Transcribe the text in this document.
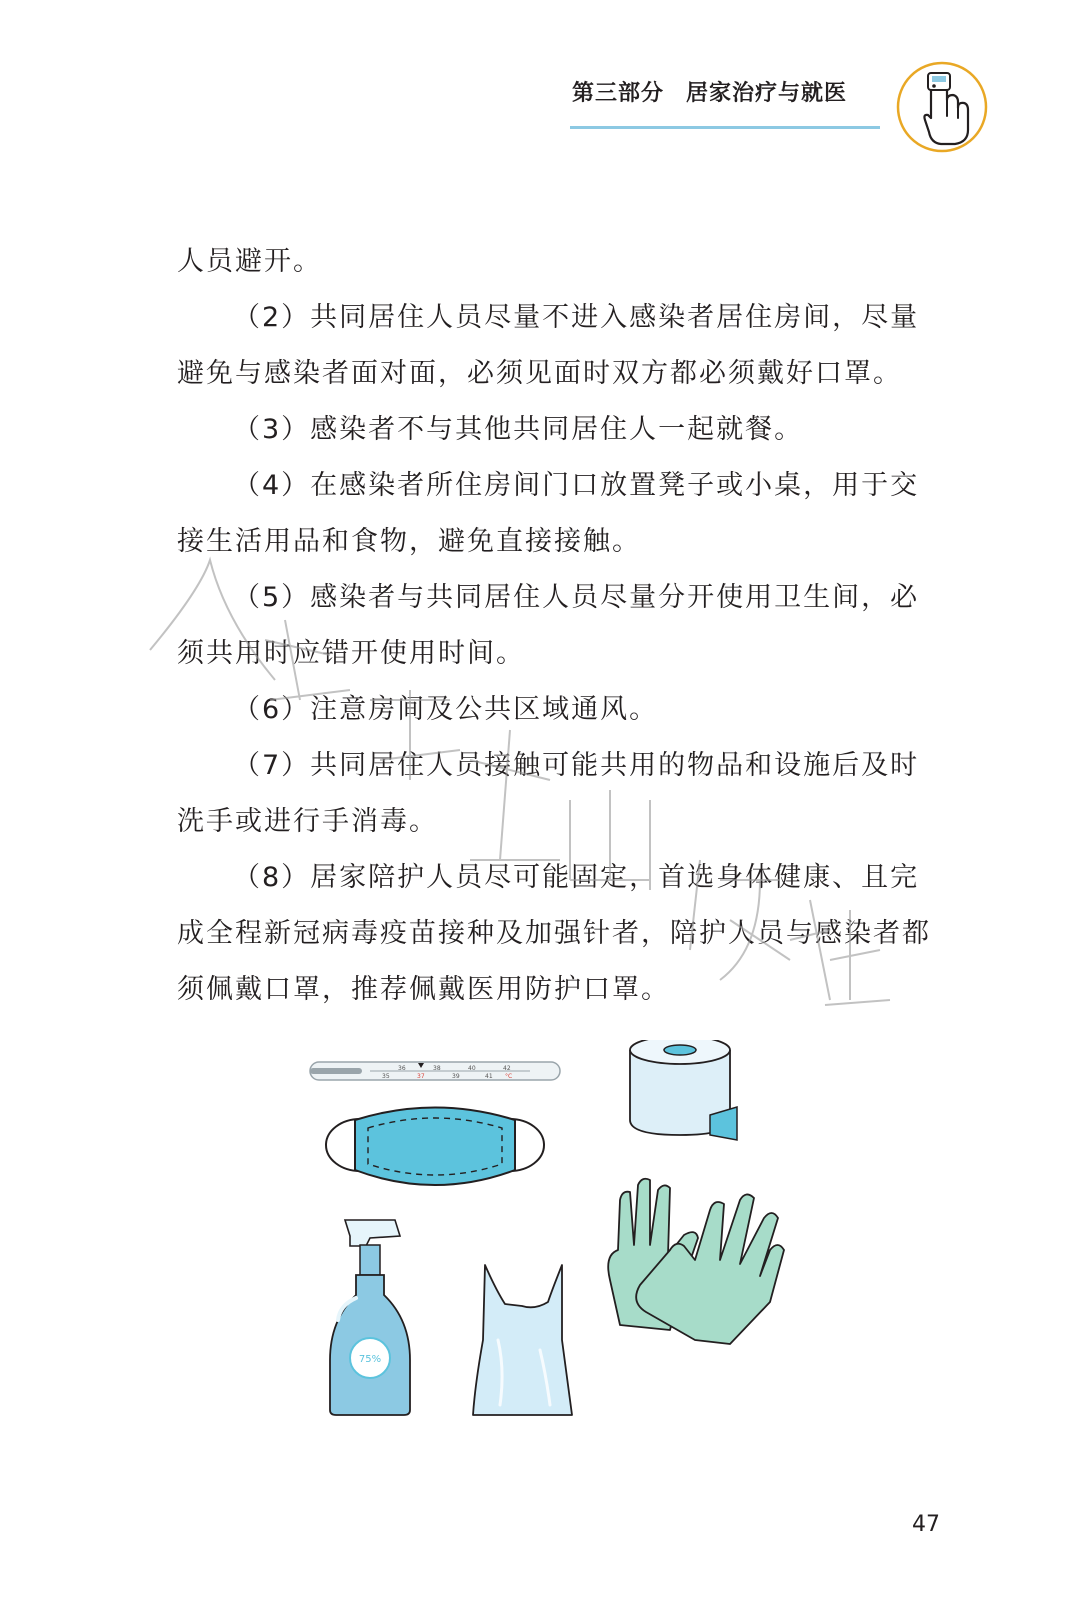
第三部分 居家治疗与就医

人员避开。

（2）共同居住人员尽量不进入感染者居住房间，尽量避免与感染者面对面，必须见面时双方都必须戴好口罩。

（3）感染者不与其他共同居住人一起就餐。

（4）在感染者所住房间门口放置凳子或小桌，用于交接生活用品和食物，避免直接接触。

（5）感染者与共同居住人员尽量分开使用卫生间，必须共用时应错开使用时间。

（6）注意房间及公共区域通风。

（7）共同居住人员接触可能共用的物品和设施后及时洗手或进行手消毒。

（8）居家陪护人员尽可能固定，首选身体健康、且完成全程新冠病毒疫苗接种及加强针者，陪护人员与感染者都须佩戴口罩，推荐佩戴医用防护口罩。

36	38	40	42
35	37	39	41 °C
75%
47
